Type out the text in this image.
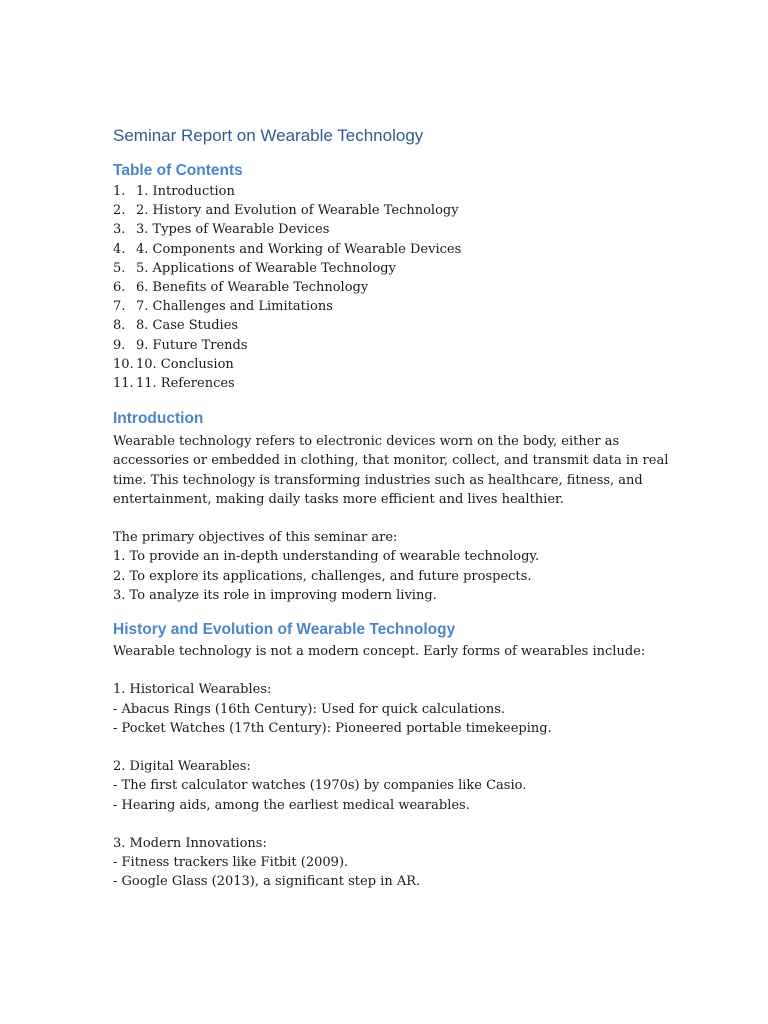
Seminar Report on Wearable Technology
Table of Contents
1. 1. Introduction
2. 2. History and Evolution of Wearable Technology
3. 3. Types of Wearable Devices
4. 4. Components and Working of Wearable Devices
5. 5. Applications of Wearable Technology
6. 6. Benefits of Wearable Technology
7. 7. Challenges and Limitations
8. 8. Case Studies
9. 9. Future Trends
10. 10. Conclusion
11. 11. References
Introduction

Wearable technology refers to electronic devices worn on the body, either as accessories or embedded in clothing, that monitor, collect, and transmit data in real time. This technology is transforming industries such as healthcare, fitness, and entertainment, making daily tasks more efficient and lives healthier.

The primary objectives of this seminar are:
1. To provide an in-depth understanding of wearable technology.
2. To explore its applications, challenges, and future prospects.
3. To analyze its role in improving modern living.
History and Evolution of Wearable Technology
Wearable technology is not a modern concept. Early forms of wearables include:
1. Historical Wearables:
- Abacus Rings (16th Century): Used for quick calculations.
- Pocket Watches (17th Century): Pioneered portable timekeeping.
2. Digital Wearables:
- The first calculator watches (1970s) by companies like Casio.
- Hearing aids, among the earliest medical wearables.
3. Modern Innovations:
- Fitness trackers like Fitbit (2009).
- Google Glass (2013), a significant step in AR.
